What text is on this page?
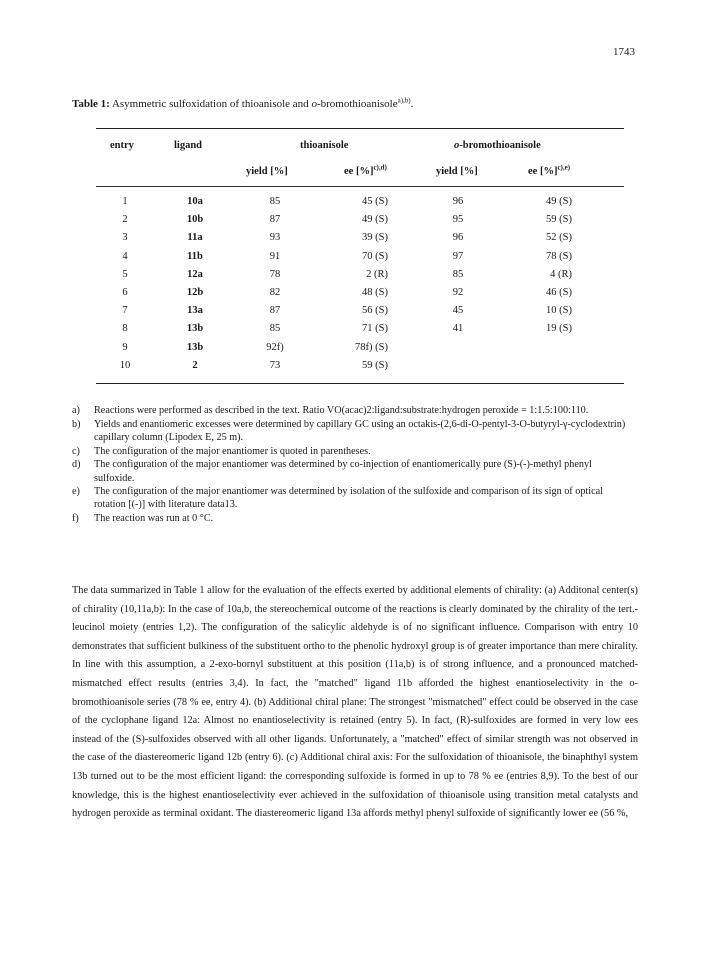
1743
Table 1: Asymmetric sulfoxidation of thioanisole and o-bromothioanisole$^{a),b)}$.
entry	ligand	thioanisole	o-bromothioanisole
yield [%]	ee [%]$^{c),d)}$	yield [%]	ee [%]$^{c),e)}$
1	10a	85	45 (S)	96	49 (S)
2	10b	87	49 (S)	95	59 (S)
3	11a	93	39 (S)	96	52 (S)
4	11b	91	70 (S)	97	78 (S)
5	12a	78	2 (R)	85	4 (R)
6	12b	82	48 (S)	92	46 (S)
7	13a	87	56 (S)	45	10 (S)
8	13b	85	71 (S)	41	19 (S)
9	13b	92f)	78f) (S)
10	2	73	59 (S)
a)	Reactions were performed as described in the text. Ratio VO(acac)2:ligand:substrate:hydrogen peroxide = 1:1.5:100:110.
b)	Yields and enantiomeric excesses were determined by capillary GC using an octakis-(2,6-di-O-pentyl-3-O-butyryl-γ-cyclodextrin) capillary column (Lipodex E, 25 m).
c)	The configuration of the major enantiomer is quoted in parentheses.
d)	The configuration of the major enantiomer was determined by co-injection of enantiomerically pure (S)-(-)-methyl phenyl sulfoxide.
e)	The configuration of the major enantiomer was determined by isolation of the sulfoxide and comparison of its sign of optical rotation [(-)] with literature data13.
f)	The reaction was run at 0 °C.

The data summarized in Table 1 allow for the evaluation of the effects exerted by additional elements of chirality: (a) Additonal center(s) of chirality (10,11a,b): In the case of 10a,b, the stereochemical outcome of the reactions is clearly dominated by the chirality of the tert.-leucinol moiety (entries 1,2). The configuration of the salicylic aldehyde is of no significant influence. Comparison with entry 10 demonstrates that sufficient bulkiness of the substituent ortho to the phenolic hydroxyl group is of greater importance than mere chirality. In line with this assumption, a 2-exo-bornyl substituent at this position (11a,b) is of strong influence, and a pronounced matched-mismatched effect results (entries 3,4). In fact, the "matched" ligand 11b afforded the highest enantioselectivity in the o-bromothioanisole series (78 % ee, entry 4). (b) Additional chiral plane: The strongest "mismatched" effect could be observed in the case of the cyclophane ligand 12a: Almost no enantioselectivity is retained (entry 5). In fact, (R)-sulfoxides are formed in very low ees instead of the (S)-sulfoxides observed with all other ligands. Unfortunately, a "matched" effect of similar strength was not observed in the case of the diastereomeric ligand 12b (entry 6). (c) Additional chiral axis: For the sulfoxidation of thioanisole, the binaphthyl system 13b turned out to be the most efficient ligand: the corresponding sulfoxide is formed in up to 78 % ee (entries 8,9). To the best of our knowledge, this is the highest enantioselectivity ever achieved in the sulfoxidation of thioanisole using transition metal catalysts and hydrogen peroxide as terminal oxidant. The diastereomeric ligand 13a affords methyl phenyl sulfoxide of significantly lower ee (56 %,
